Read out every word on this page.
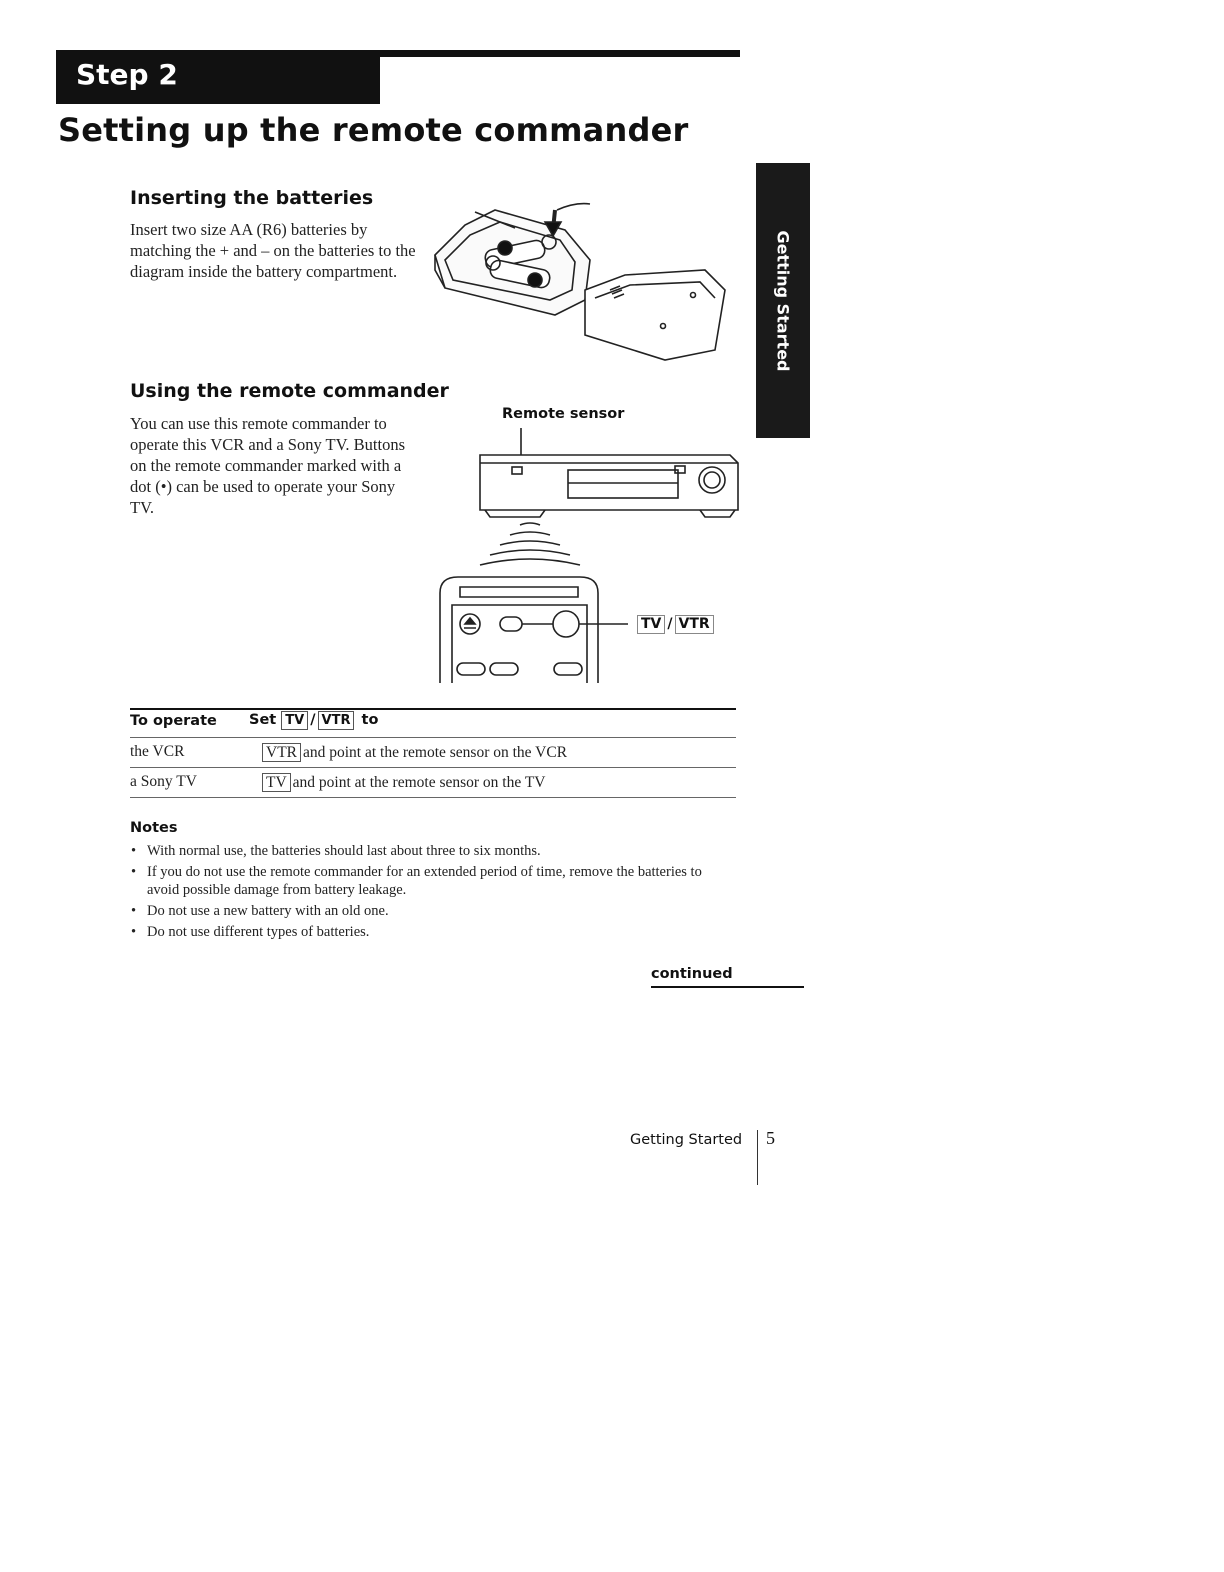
Step 2
Setting up the remote commander
Getting Started
Inserting the batteries
Insert two size AA (R6) batteries by matching the + and – on the batteries to the diagram inside the battery compartment.
Using the remote commander
You can use this remote commander to operate this VCR and a Sony TV. Buttons on the remote commander marked with a dot (•) can be used to operate your Sony TV.
Remote sensor
TV / VTR
To operate Set TV / VTR to
the VCR	VTR and point at the remote sensor on the VCR
a Sony TV	TV and point at the remote sensor on the TV
Notes
• With normal use, the batteries should last about three to six months.
• If you do not use the remote commander for an extended period of time, remove the batteries to avoid possible damage from battery leakage.
• Do not use a new battery with an old one.
• Do not use different types of batteries.
continued
Getting Started 5
